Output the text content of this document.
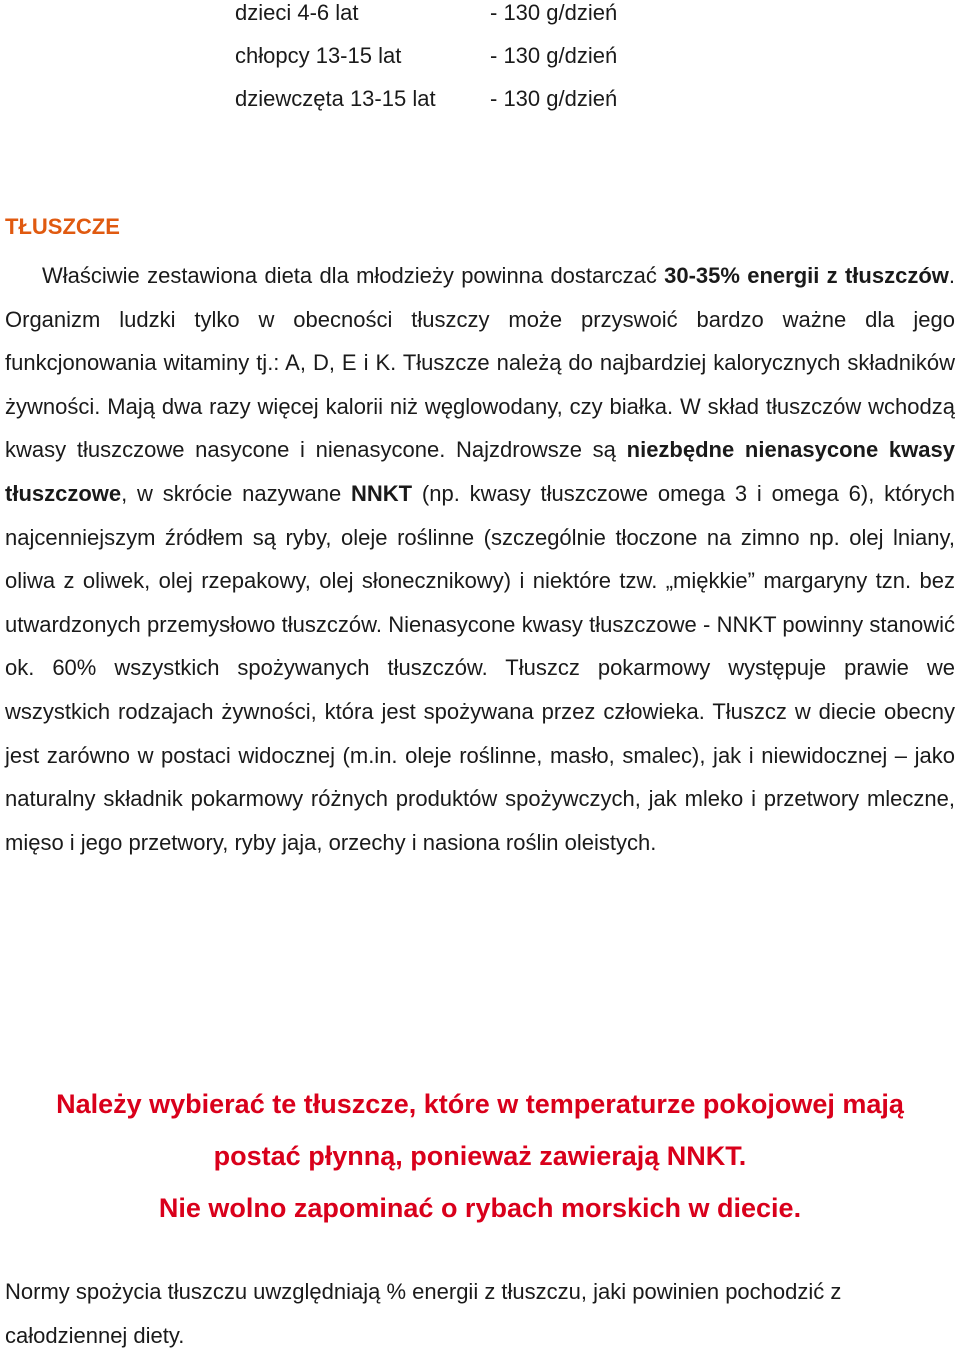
dzieci 4-6 lat	- 130 g/dzień
chłopcy 13-15 lat	- 130 g/dzień
dziewczęta 13-15 lat - 130 g/dzień
TŁUSZCZE
Właściwie zestawiona dieta dla młodzieży powinna dostarczać 30-35% energii z tłuszczów. Organizm ludzki tylko w obecności tłuszczy może przyswoić bardzo ważne dla jego funkcjonowania witaminy tj.: A, D, E i K. Tłuszcze należą do najbardziej kalorycznych składników żywności. Mają dwa razy więcej kalorii niż węglowodany, czy białka. W skład tłuszczów wchodzą kwasy tłuszczowe nasycone i nienasycone. Najzdrowsze są niezbędne nienasycone kwasy tłuszczowe, w skrócie nazywane NNKT (np. kwasy tłuszczowe omega 3 i omega 6), których najcenniejszym źródłem są ryby, oleje roślinne (szczególnie tłoczone na zimno np. olej lniany, oliwa z oliwek, olej rzepakowy, olej słonecznikowy) i niektóre tzw. „miękkie” margaryny tzn. bez utwardzonych przemysłowo tłuszczów. Nienasycone kwasy tłuszczowe - NNKT powinny stanowić ok. 60% wszystkich spożywanych tłuszczów. Tłuszcz pokarmowy występuje prawie we wszystkich rodzajach żywności, która jest spożywana przez człowieka. Tłuszcz w diecie obecny jest zarówno w postaci widocznej (m.in. oleje roślinne, masło, smalec), jak i niewidocznej – jako naturalny składnik pokarmowy różnych produktów spożywczych, jak mleko i przetwory mleczne, mięso i jego przetwory, ryby jaja, orzechy i nasiona roślin oleistych.
Należy wybierać te tłuszcze, które w temperaturze pokojowej mają
postać płynną, ponieważ zawierają NNKT.
Nie wolno zapominać o rybach morskich w diecie.
Normy spożycia tłuszczu uwzględniają % energii z tłuszczu, jaki powinien pochodzić z całodziennej diety.
